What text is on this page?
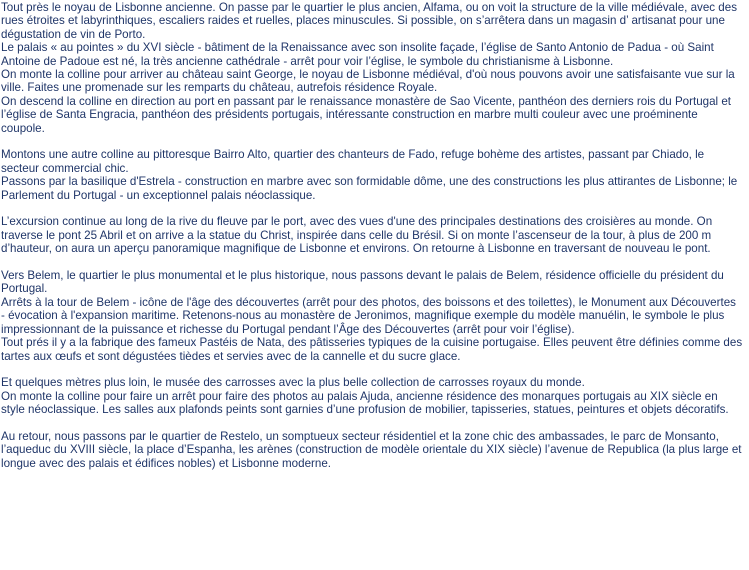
Tout près le noyau de Lisbonne ancienne. On passe par le quartier le plus ancien, Alfama, ou on voit la structure de la ville médiévale, avec des rues étroites et labyrinthiques, escaliers raides et ruelles, places minuscules. Si possible, on s’arrêtera dans un magasin d’ artisanat pour une dégustation de vin de Porto.

Le palais « au pointes » du XVI siècle - bâtiment de la Renaissance avec son insolite façade, l’église de Santo Antonio de Padua - où Saint Antoine de Padoue est né, la très ancienne cathédrale - arrêt pour voir l’église, le symbole du christianisme à Lisbonne.

On monte la colline pour arriver au château saint George, le noyau de Lisbonne médiéval, d'où nous pouvons avoir une satisfaisante vue sur la ville. Faites une promenade sur les remparts du château, autrefois résidence Royale.

On descend la colline en direction au port en passant par le renaissance monastère de Sao Vicente, panthéon des derniers rois du Portugal et l’église de Santa Engracia, panthéon des présidents portugais, intéressante construction en marbre multi couleur avec une proéminente coupole.

Montons une autre colline au pittoresque Bairro Alto, quartier des chanteurs de Fado, refuge bohème des artistes, passant par Chiado, le secteur commercial chic.

Passons par la basilique d'Estrela - construction en marbre avec son formidable dôme, une des constructions les plus attirantes de Lisbonne; le Parlement du Portugal - un exceptionnel palais néoclassique.

L’excursion continue au long de la rive du fleuve par le port, avec des vues d'une des principales destinations des croisières au monde. On traverse le pont 25 Abril et on arrive a la statue du Christ, inspirée dans celle du Brésil. Si on monte l’ascenseur de la tour, à plus de 200 m d’hauteur, on aura un aperçu panoramique magnifique de Lisbonne et environs. On retourne à Lisbonne en traversant de nouveau le pont.

Vers Belem, le quartier le plus monumental et le plus historique, nous passons devant le palais de Belem, résidence officielle du président du Portugal.

Arrêts à la tour de Belem - icône de l'âge des découvertes (arrêt pour des photos, des boissons et des toilettes), le Monument aux Découvertes - évocation à l'expansion maritime. Retenons-nous au monastère de Jeronimos, magnifique exemple du modèle manuélin, le symbole le plus impressionnant de la puissance et richesse du Portugal pendant l’Âge des Découvertes (arrêt pour voir l’église).

Tout prés il y a la fabrique des fameux Pastéis de Nata, des pâtisseries typiques de la cuisine portugaise. Elles peuvent être définies comme des tartes aux œufs et sont dégustées tièdes et servies avec de la cannelle et du sucre glace.

Et quelques mètres plus loin, le musée des carrosses avec la plus belle collection de carrosses royaux du monde.

On monte la colline pour faire un arrêt pour faire des photos au palais Ajuda, ancienne résidence des monarques portugais au XIX siècle en style néoclassique. Les salles aux plafonds peints sont garnies d’une profusion de mobilier, tapisseries, statues, peintures et objets décoratifs.

Au retour, nous passons par le quartier de Restelo, un somptueux secteur résidentiel et la zone chic des ambassades, le parc de Monsanto, l’aqueduc du XVIII siècle, la place d’Espanha, les arènes (construction de modèle orientale du XIX siècle) l’avenue de Republica (la plus large et longue avec des palais et édifices nobles) et Lisbonne moderne.
